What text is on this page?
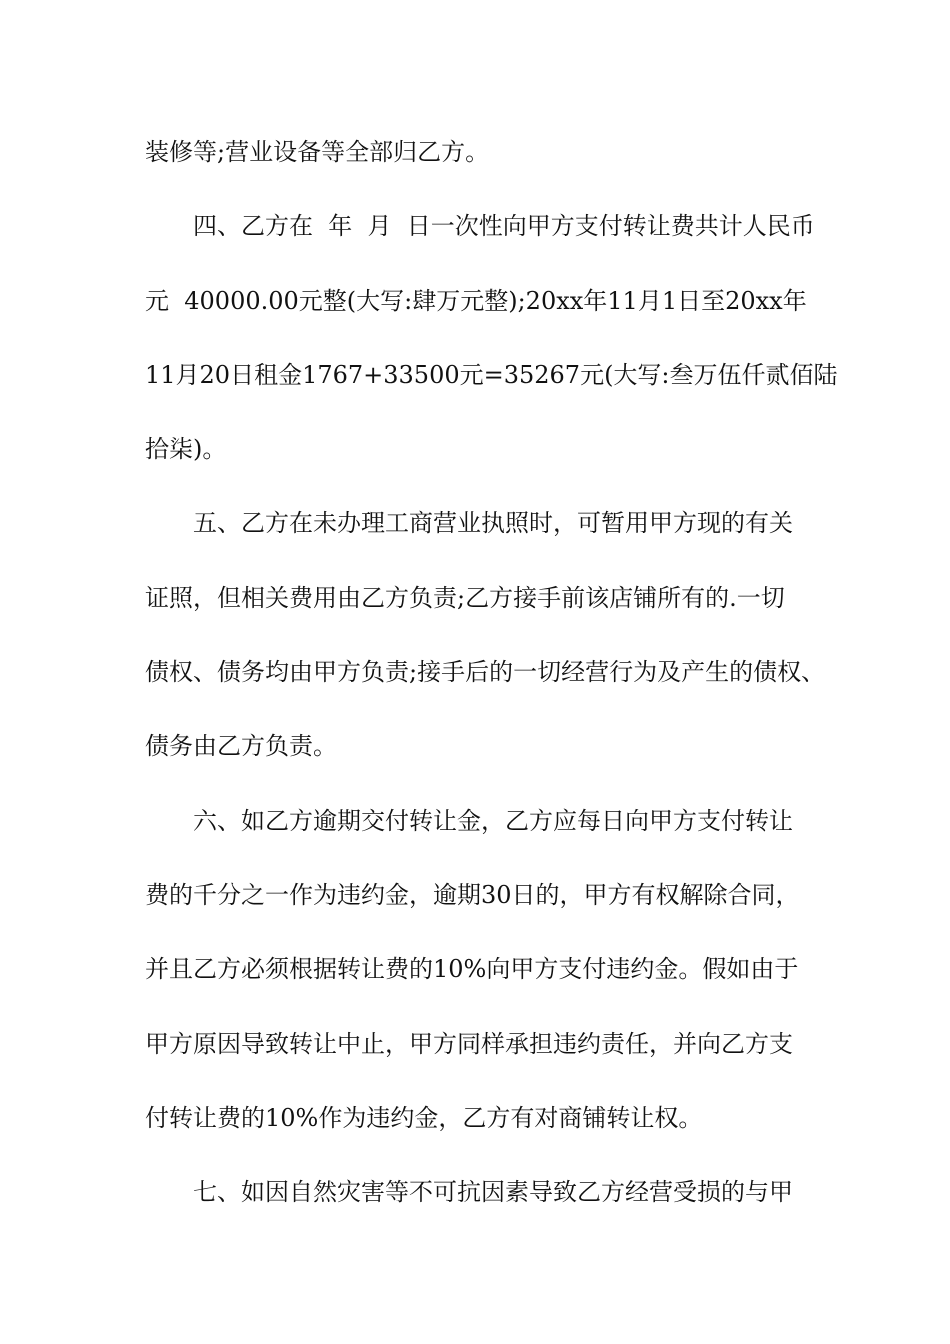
装修等;营业设备等全部归乙方。
四、乙方在  年  月  日一次性向甲方支付转让费共计人民币
元  40000.00元整(大写:肆万元整);20xx年11月1日至20xx年
11月20日租金1767+33500元=35267元(大写:叁万伍仟贰佰陆
拾柒)。
五、乙方在未办理工商营业执照时，可暂用甲方现的有关
证照，但相关费用由乙方负责;乙方接手前该店铺所有的.一切
债权、债务均由甲方负责;接手后的一切经营行为及产生的债权、
债务由乙方负责。
六、如乙方逾期交付转让金，乙方应每日向甲方支付转让
费的千分之一作为违约金，逾期30日的，甲方有权解除合同，
并且乙方必须根据转让费的10%向甲方支付违约金。假如由于
甲方原因导致转让中止，甲方同样承担违约责任，并向乙方支
付转让费的10%作为违约金，乙方有对商铺转让权。
七、如因自然灾害等不可抗因素导致乙方经营受损的与甲
